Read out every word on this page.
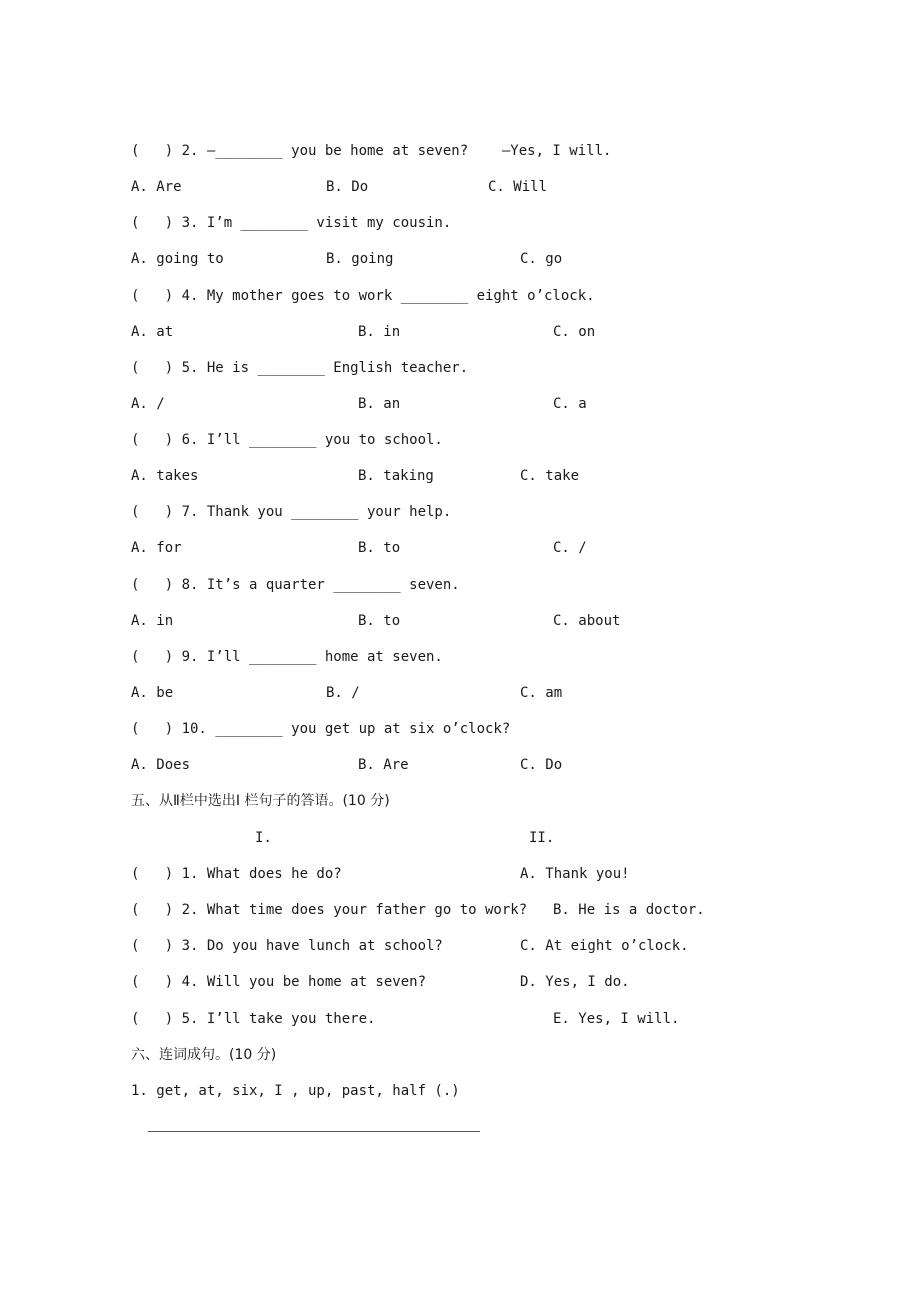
(   ) 2. —________ you be home at seven?    —Yes, I will.
A. Are	B. Do	C. Will
(   ) 3. I’m ________ visit my cousin.
A. going to	B. going	C. go
(   ) 4. My mother goes to work ________ eight o’clock.
A. at	B. in	C. on
(   ) 5. He is ________ English teacher.
A. /	B. an	C. a
(   ) 6. I’ll ________ you to school.
A. takes	B. taking	C. take
(   ) 7. Thank you ________ your help.
A. for	B. to	C. /
(   ) 8. It’s a quarter ________ seven.
A. in	B. to	C. about
(   ) 9. I’ll ________ home at seven.
A. be	B. /	C. am
(   ) 10. ________ you get up at six o’clock?
A. Does	B. Are	C. Do
五、从Ⅱ栏中选出Ⅰ 栏句子的答语。(10 分)
I.	II.
(   ) 1. What does he do?	A. Thank you!
(   ) 2. What time does your father go to work? B. He is a doctor.
(   ) 3. Do you have lunch at school?	C. At eight o’clock.
(   ) 4. Will you be home at seven?	D. Yes, I do.
(   ) 5. I’ll take you there.	E. Yes, I will.
六、连词成句。(10 分)
1. get, at, six, I , up, past, half (.)
